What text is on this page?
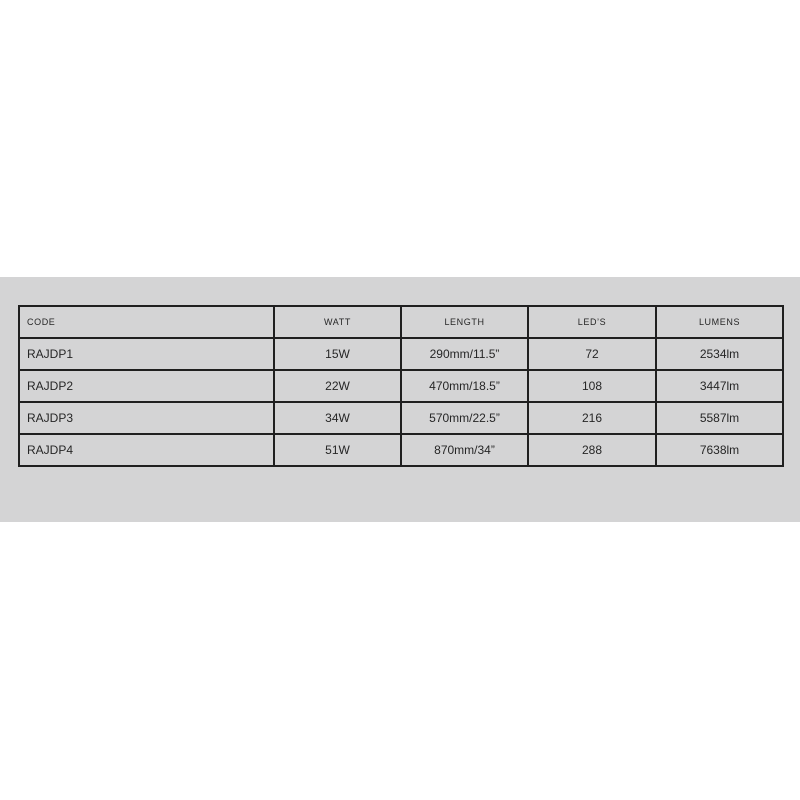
CODE	WATT	LENGTH	LED’S	LUMENS
RAJDP1	15W	290mm/11.5”	72	2534lm
RAJDP2	22W	470mm/18.5”	108	3447lm
RAJDP3	34W	570mm/22.5”	216	5587lm
RAJDP4	51W	870mm/34”	288	7638lm
